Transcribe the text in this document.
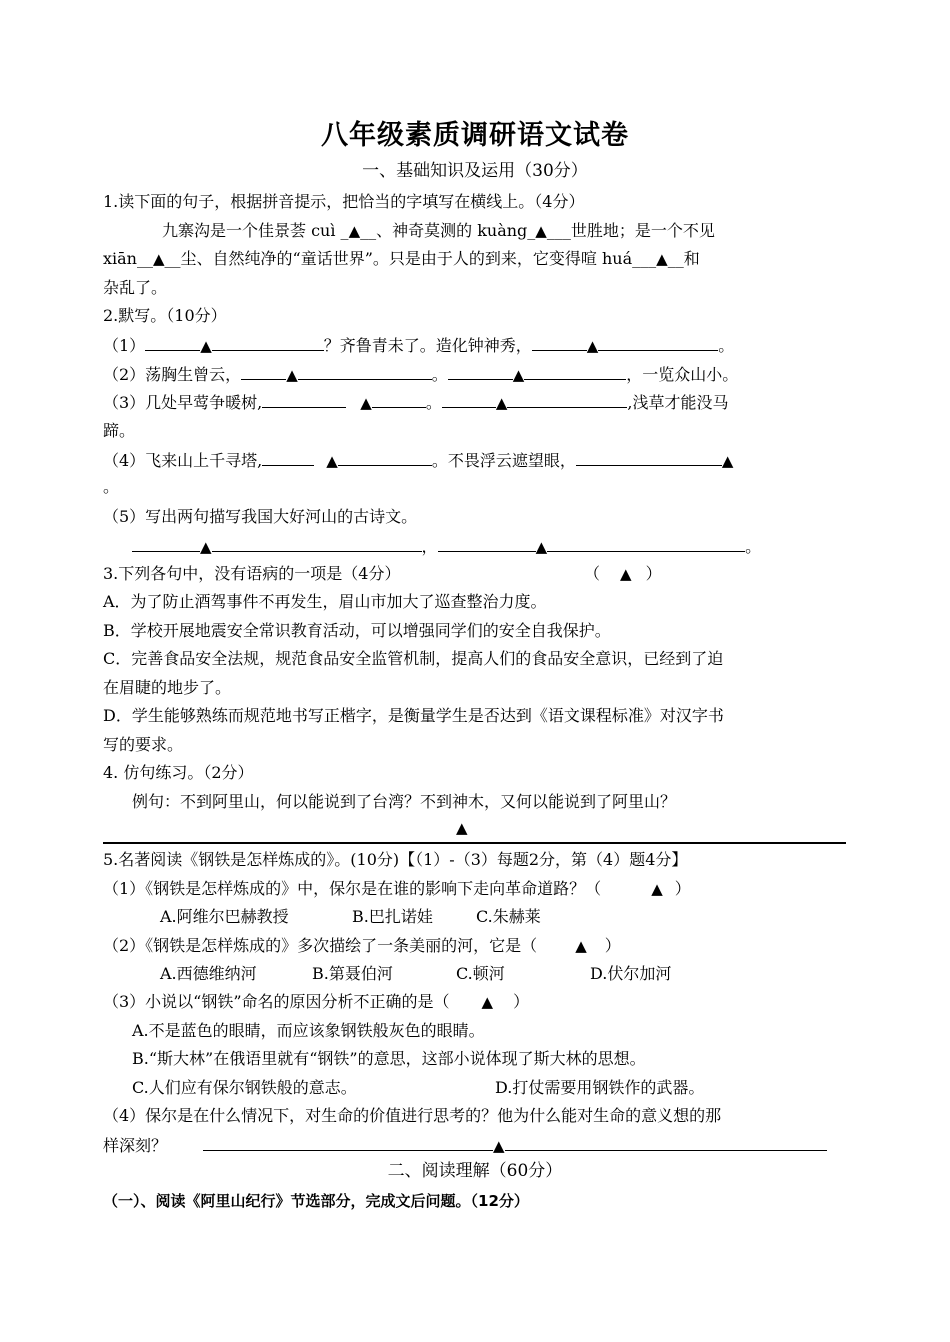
八年级素质调研语文试卷
一、基础知识及运用（30分）
1.读下面的句子，根据拼音提示，把恰当的字填写在横线上。（4分）
九寨沟是一个佳景荟 cuì _▲__、神奇莫测的 kuàng_▲___世胜地；是一个不见
xiān__▲__尘、自然纯净的“童话世界”。只是由于人的到来，它变得喧 huá___▲__和
杂乱了。
2.默写。（10分）
（1）	▲	？齐鲁青未了。造化钟神秀，	▲	。
（2）荡胸生曾云，	▲	。	▲	，一览众山小。
（3）几处早莺争暖树,	▲	。	▲	,浅草才能没马
蹄。
（4）飞来山上千寻塔,	▲	。不畏浮云遮望眼，	▲
。
（5）写出两句描写我国大好河山的古诗文。
▲	，	▲	。
3.下列各句中，没有语病的一项是（4分）	（ ▲ ）
A．为了防止酒驾事件不再发生，眉山市加大了巡查整治力度。
B．学校开展地震安全常识教育活动，可以增强同学们的安全自我保护。
C．完善食品安全法规，规范食品安全监管机制，提高人们的食品安全意识，已经到了迫
在眉睫的地步了。
D．学生能够熟练而规范地书写正楷字，是衡量学生是否达到《语文课程标准》对汉字书
写的要求。
4. 仿句练习。（2分）
例句：不到阿里山，何以能说到了台湾？不到神木，又何以能说到了阿里山？
▲
5.名著阅读《钢铁是怎样炼成的》。(10分)【（1）-（3）每题2分，第（4）题4分】
（1）《钢铁是怎样炼成的》中，保尔是在谁的影响下走向革命道路？（	▲ ）
A.阿维尔巴赫教授	B.巴扎诺娃	C.朱赫莱
（2）《钢铁是怎样炼成的》多次描绘了一条美丽的河，它是（	▲ ）
A.西德维纳河	B.第聂伯河	C.顿河	D.伏尔加河
（3）小说以“钢铁”命名的原因分析不正确的是（ ▲ ）
A.不是蓝色的眼睛，而应该象钢铁般灰色的眼睛。
B.“斯大林”在俄语里就有“钢铁”的意思，这部小说体现了斯大林的思想。
C.人们应有保尔钢铁般的意志。	D.打仗需要用钢铁作的武器。
（4）保尔是在什么情况下，对生命的价值进行思考的？他为什么能对生命的意义想的那
样深刻？	▲
二、阅读理解（60分）
（一）、阅读《阿里山纪行》节选部分，完成文后问题。（12分）
